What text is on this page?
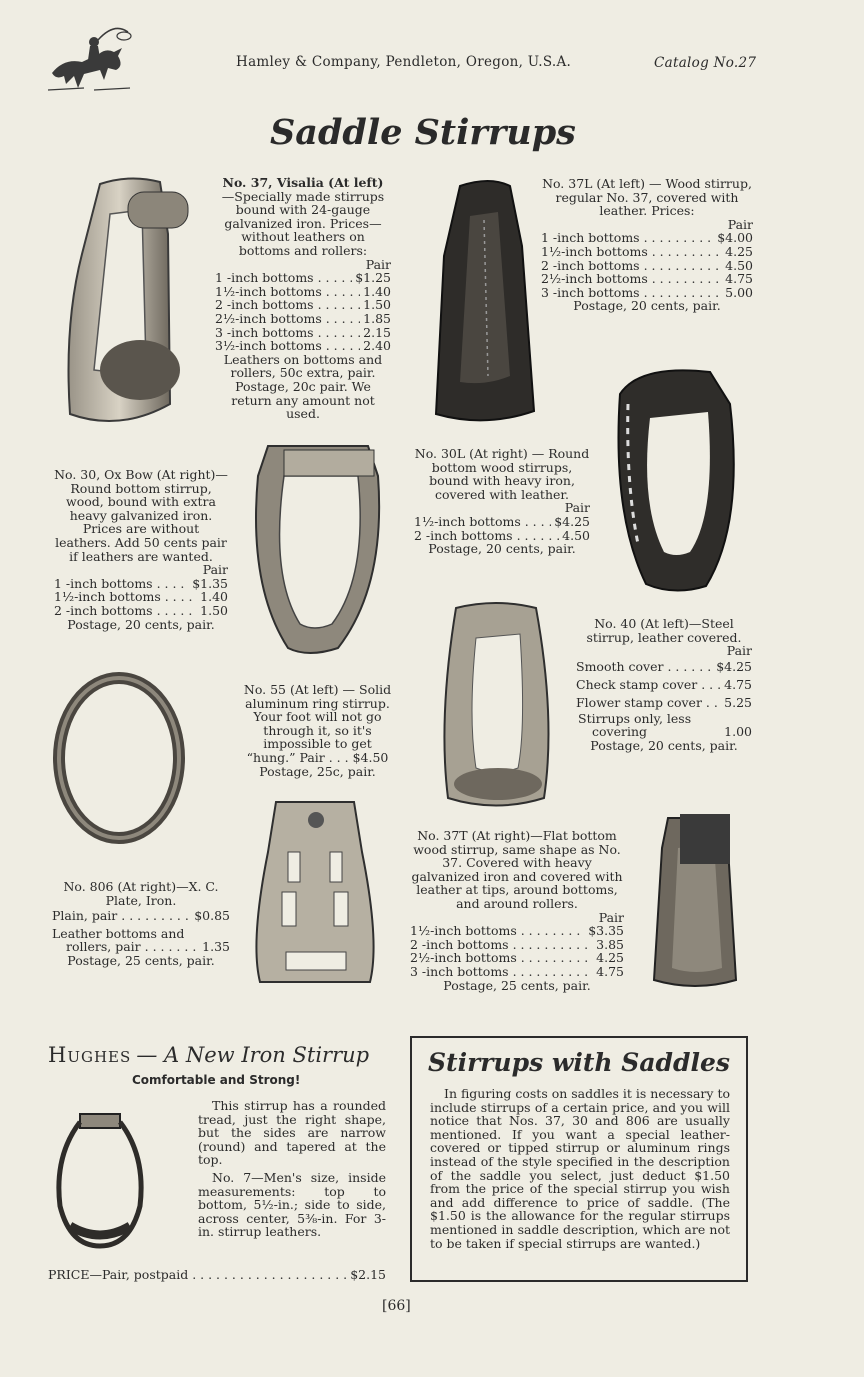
Hamley & Company, Pendleton, Oregon, U.S.A.	Catalog No.27
Saddle Stirrups
No. 37, Visalia (At left)
—Specially made stirrups bound with 24-gauge galvanized iron. Prices—without leathers on bottoms and rollers:
Pair
1 -inch bottoms . . .	$1.25
1½-inch bottoms . . .	1.40
2 -inch bottoms . . .	1.50
2½-inch bottoms . . .	1.85
3 -inch bottoms . . .	2.15
3½-inch bottoms . . .	2.40
Leathers on bottoms and rollers, 50c extra, pair.
Postage, 20c pair. We return any amount not used.
No. 37L (At left) — Wood stirrup, regular No. 37, covered with leather. Prices:
Pair
1 -inch bottoms . . .	$4.00
1½-inch bottoms . . .	4.25
2 -inch bottoms . . .	4.50
2½-inch bottoms . . .	4.75
3 -inch bottoms . . .	5.00
Postage, 20 cents, pair.
No. 30, Ox Bow (At right)—Round bottom stirrup, wood, bound with extra heavy galvanized iron. Prices are without leathers. Add 50 cents pair if leathers are wanted.
Pair
1 -inch bottoms . . .	$1.35
1½-inch bottoms . . .	1.40
2 -inch bottoms . . .	1.50
Postage, 20 cents, pair.
No. 30L (At right) — Round bottom wood stirrups, bound with heavy iron, covered with leather.
Pair
1½-inch bottoms . . .	$4.25
2 -inch bottoms . . .	4.50
Postage, 20 cents, pair.
No. 40 (At left)—Steel stirrup, leather covered.
Pair
Smooth cover . . .	$4.25
Check stamp cover . . .	4.75
Flower stamp cover . . .	5.25
Stirrups only, less
covering	1.00
Postage, 20 cents, pair.
No. 55 (At left) — Solid aluminum ring stirrup. Your foot will not go through it, so it's impossible to get “hung.” Pair . . . $4.50
Postage, 25c, pair.
No. 806 (At right)—X. C. Plate, Iron.
Plain, pair . . .	$0.85
Leather bottoms and
rollers, pair . . .	1.35
Postage, 25 cents, pair.
No. 37T (At right)—Flat bottom wood stirrup, same shape as No. 37. Covered with heavy galvanized iron and covered with leather at tips, around bottoms, and around rollers.
Pair
1½-inch bottoms . . .	$3.35
2 -inch bottoms . . .	3.85
2½-inch bottoms . . .	4.25
3 -inch bottoms . . .	4.75
Postage, 25 cents, pair.
Hughes — A New Iron Stirrup
Comfortable and Strong!
This stirrup has a rounded tread, just the right shape, but the sides are narrow (round) and tapered at the top.
No. 7—Men's size, inside measurements: top to bottom, 5½-in.; side to side, across center, 5⅜-in. For 3-in. stirrup leathers.
PRICE—Pair, postpaid . . .	$2.15
Stirrups with Saddles
In figuring costs on saddles it is necessary to include stirrups of a certain price, and you will notice that Nos. 37, 30 and 806 are usually mentioned. If you want a special leather-covered or tipped stirrup or aluminum rings instead of the style specified in the description of the saddle you select, just deduct $1.50 from the price of the special stirrup you wish and add difference to price of saddle. (The $1.50 is the allowance for the regular stirrups mentioned in saddle description, which are not to be taken if special stirrups are wanted.)
[66]
